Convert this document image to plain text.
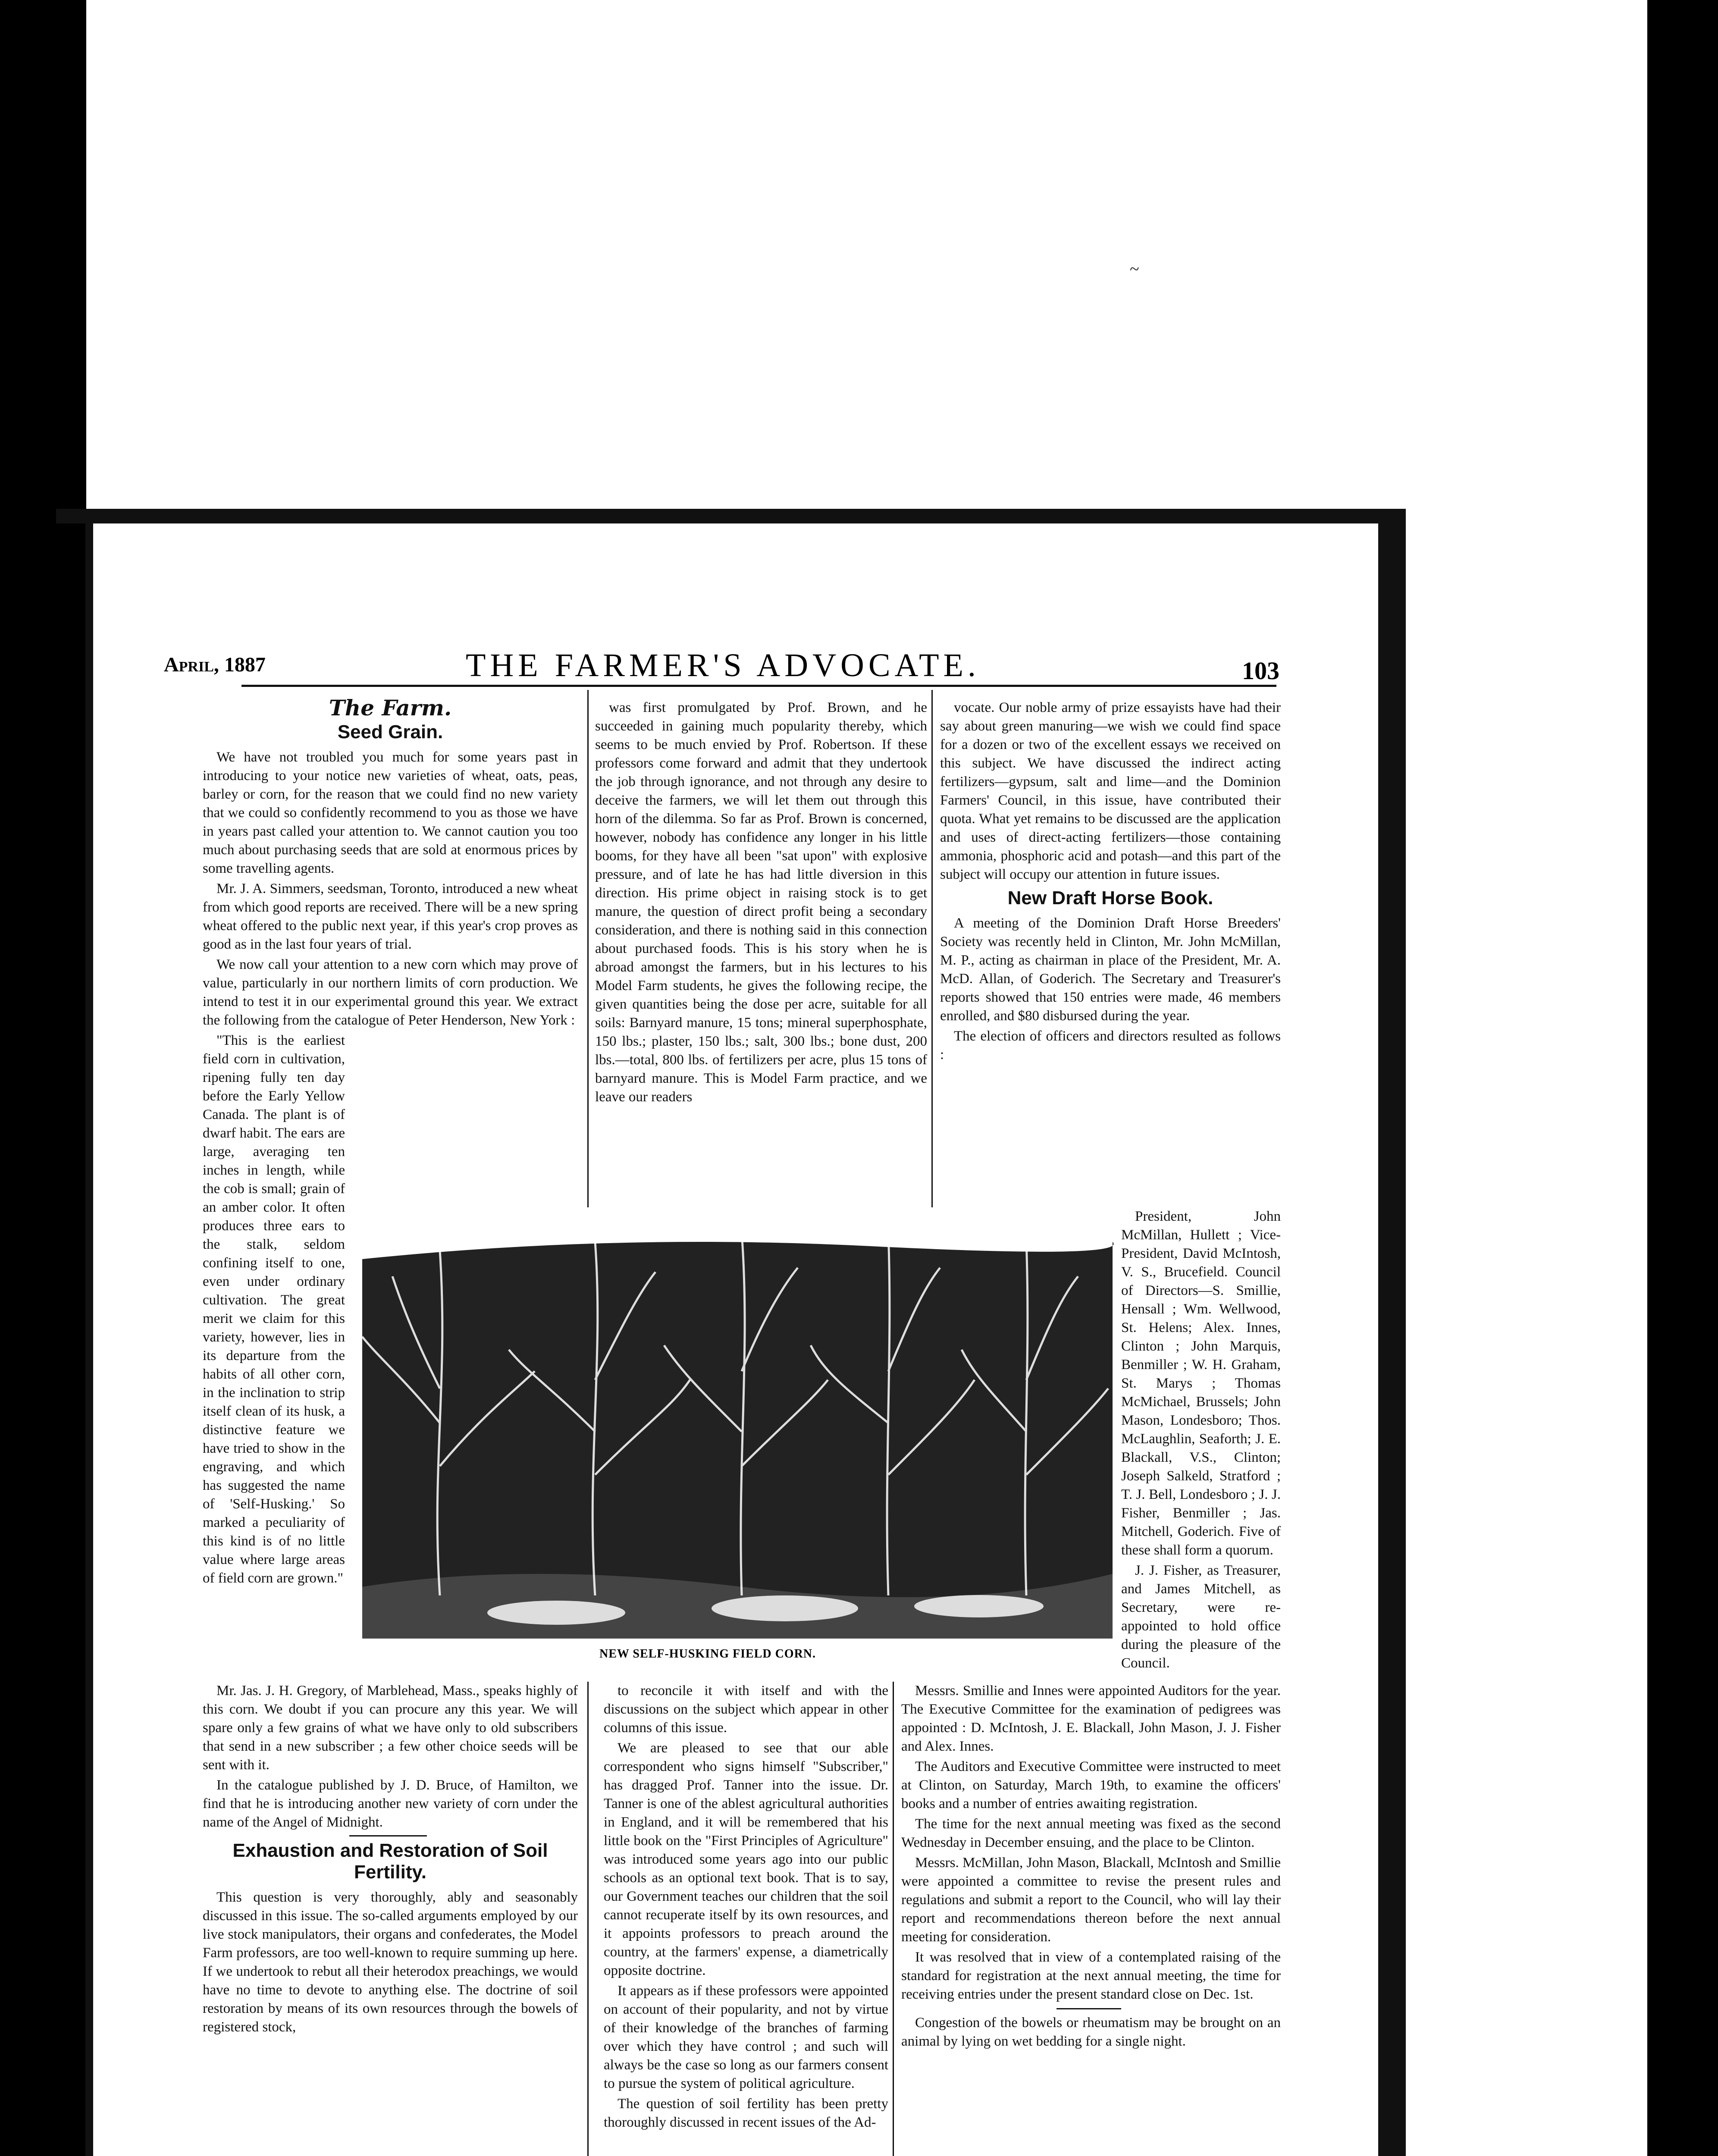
April, 1887	THE FARMER'S ADVOCATE.	103
The Farm.
Seed Grain.

We have not troubled you much for some years past in introducing to your notice new varieties of wheat, oats, peas, barley or corn, for the reason that we could find no new variety that we could so confidently recommend to you as those we have in years past called your attention to. We cannot caution you too much about purchasing seeds that are sold at enormous prices by some travelling agents.

Mr. J. A. Simmers, seedsman, Toronto, introduced a new wheat from which good reports are received. There will be a new spring wheat offered to the public next year, if this year's crop proves as good as in the last four years of trial.

We now call your attention to a new corn which may prove of value, particularly in our northern limits of corn production. We intend to test it in our experimental ground this year. We extract the following from the catalogue of Peter Henderson, New York :

"This is the earliest field corn in cultivation, ripening fully ten day before the Early Yellow Canada. The plant is of dwarf habit. The ears are large, averaging ten inches in length, while the cob is small; grain of an amber color. It often produces three ears to the stalk, seldom confining itself to one, even under ordinary cultivation. The great merit we claim for this variety, however, lies in its departure from the habits of all other corn, in the inclination to strip itself clean of its husk, a distinctive feature we have tried to show in the engraving, and which has suggested the name of 'Self-Husking.' So marked a peculiarity of this kind is of no little value where large areas of field corn are grown."

Mr. Jas. J. H. Gregory, of Marblehead, Mass., speaks highly of this corn. We doubt if you can procure any this year. We will spare only a few grains of what we have only to old subscribers that send in a new subscriber ; a few other choice seeds will be sent with it.

In the catalogue published by J. D. Bruce, of Hamilton, we find that he is introducing another new variety of corn under the name of the Angel of Midnight.

Exhaustion and Restoration of Soil Fertility.

This question is very thoroughly, ably and seasonably discussed in this issue. The so-called arguments employed by our live stock manipulators, their organs and confederates, the Model Farm professors, are too well-known to require summing up here. If we undertook to rebut all their heterodox preachings, we would have no time to devote to anything else. The doctrine of soil restoration by means of its own resources through the bowels of registered stock,

was first promulgated by Prof. Brown, and he succeeded in gaining much popularity thereby, which seems to be much envied by Prof. Robertson. If these professors come forward and admit that they undertook the job through ignorance, and not through any desire to deceive the farmers, we will let them out through this horn of the dilemma. So far as Prof. Brown is concerned, however, nobody has confidence any longer in his little booms, for they have all been "sat upon" with explosive pressure, and of late he has had little diversion in this direction. His prime object in raising stock is to get manure, the question of direct profit being a secondary consideration, and there is nothing said in this connection about purchased foods. This is his story when he is abroad amongst the farmers, but in his lectures to his Model Farm students, he gives the following recipe, the given quantities being the dose per acre, suitable for all soils: Barnyard manure, 15 tons; mineral superphosphate, 150 lbs.; plaster, 150 lbs.; salt, 300 lbs.; bone dust, 200 lbs.—total, 800 lbs. of fertilizers per acre, plus 15 tons of barnyard manure. This is Model Farm practice, and we leave our readers

to reconcile it with itself and with the discussions on the subject which appear in other columns of this issue.

We are pleased to see that our able correspondent who signs himself "Subscriber," has dragged Prof. Tanner into the issue. Dr. Tanner is one of the ablest agricultural authorities in England, and it will be remembered that his little book on the "First Principles of Agriculture" was introduced some years ago into our public schools as an optional text book. That is to say, our Government teaches our children that the soil cannot recuperate itself by its own resources, and it appoints professors to preach around the country, at the farmers' expense, a diametrically opposite doctrine.

It appears as if these professors were appointed on account of their popularity, and not by virtue of their knowledge of the branches of farming over which they have control ; and such will always be the case so long as our farmers consent to pursue the system of political agriculture.

The question of soil fertility has been pretty thoroughly discussed in recent issues of the Ad-

vocate. Our noble army of prize essayists have had their say about green manuring—we wish we could find space for a dozen or two of the excellent essays we received on this subject. We have discussed the indirect acting fertilizers—gypsum, salt and lime—and the Dominion Farmers' Council, in this issue, have contributed their quota. What yet remains to be discussed are the application and uses of direct-acting fertilizers—those containing ammonia, phosphoric acid and potash—and this part of the subject will occupy our attention in future issues.

New Draft Horse Book.

A meeting of the Dominion Draft Horse Breeders' Society was recently held in Clinton, Mr. John McMillan, M. P., acting as chairman in place of the President, Mr. A. McD. Allan, of Goderich. The Secretary and Treasurer's reports showed that 150 entries were made, 46 members enrolled, and $80 disbursed during the year.

The election of officers and directors resulted as follows :

President, John McMillan, Hullett ; Vice-President, David McIntosh, V. S., Brucefield. Council of Directors—S. Smillie, Hensall ; Wm. Wellwood, St. Helens; Alex. Innes, Clinton ; John Marquis, Benmiller ; W. H. Graham, St. Marys ; Thomas McMichael, Brussels; John Mason, Londesboro; Thos. McLaughlin, Seaforth; J. E. Blackall, V.S., Clinton; Joseph Salkeld, Stratford ; T. J. Bell, Londesboro ; J. J. Fisher, Benmiller ; Jas. Mitchell, Goderich. Five of these shall form a quorum.

J. J. Fisher, as Treasurer, and James Mitchell, as Secretary, were re-appointed to hold office during the pleasure of the Council.

Messrs. Smillie and Innes were appointed Auditors for the year. The Executive Committee for the examination of pedigrees was appointed : D. McIntosh, J. E. Blackall, John Mason, J. J. Fisher and Alex. Innes.

The Auditors and Executive Committee were instructed to meet at Clinton, on Saturday, March 19th, to examine the officers' books and a number of entries awaiting registration.

The time for the next annual meeting was fixed as the second Wednesday in December ensuing, and the place to be Clinton.

Messrs. McMillan, John Mason, Blackall, McIntosh and Smillie were appointed a committee to revise the present rules and regulations and submit a report to the Council, who will lay their report and recommendations thereon before the next annual meeting for consideration.

It was resolved that in view of a contemplated raising of the standard for registration at the next annual meeting, the time for receiving entries under the present standard close on Dec. 1st.

Congestion of the bowels or rheumatism may be brought on an animal by lying on wet bedding for a single night.

NEW SELF-HUSKING FIELD CORN.
~
